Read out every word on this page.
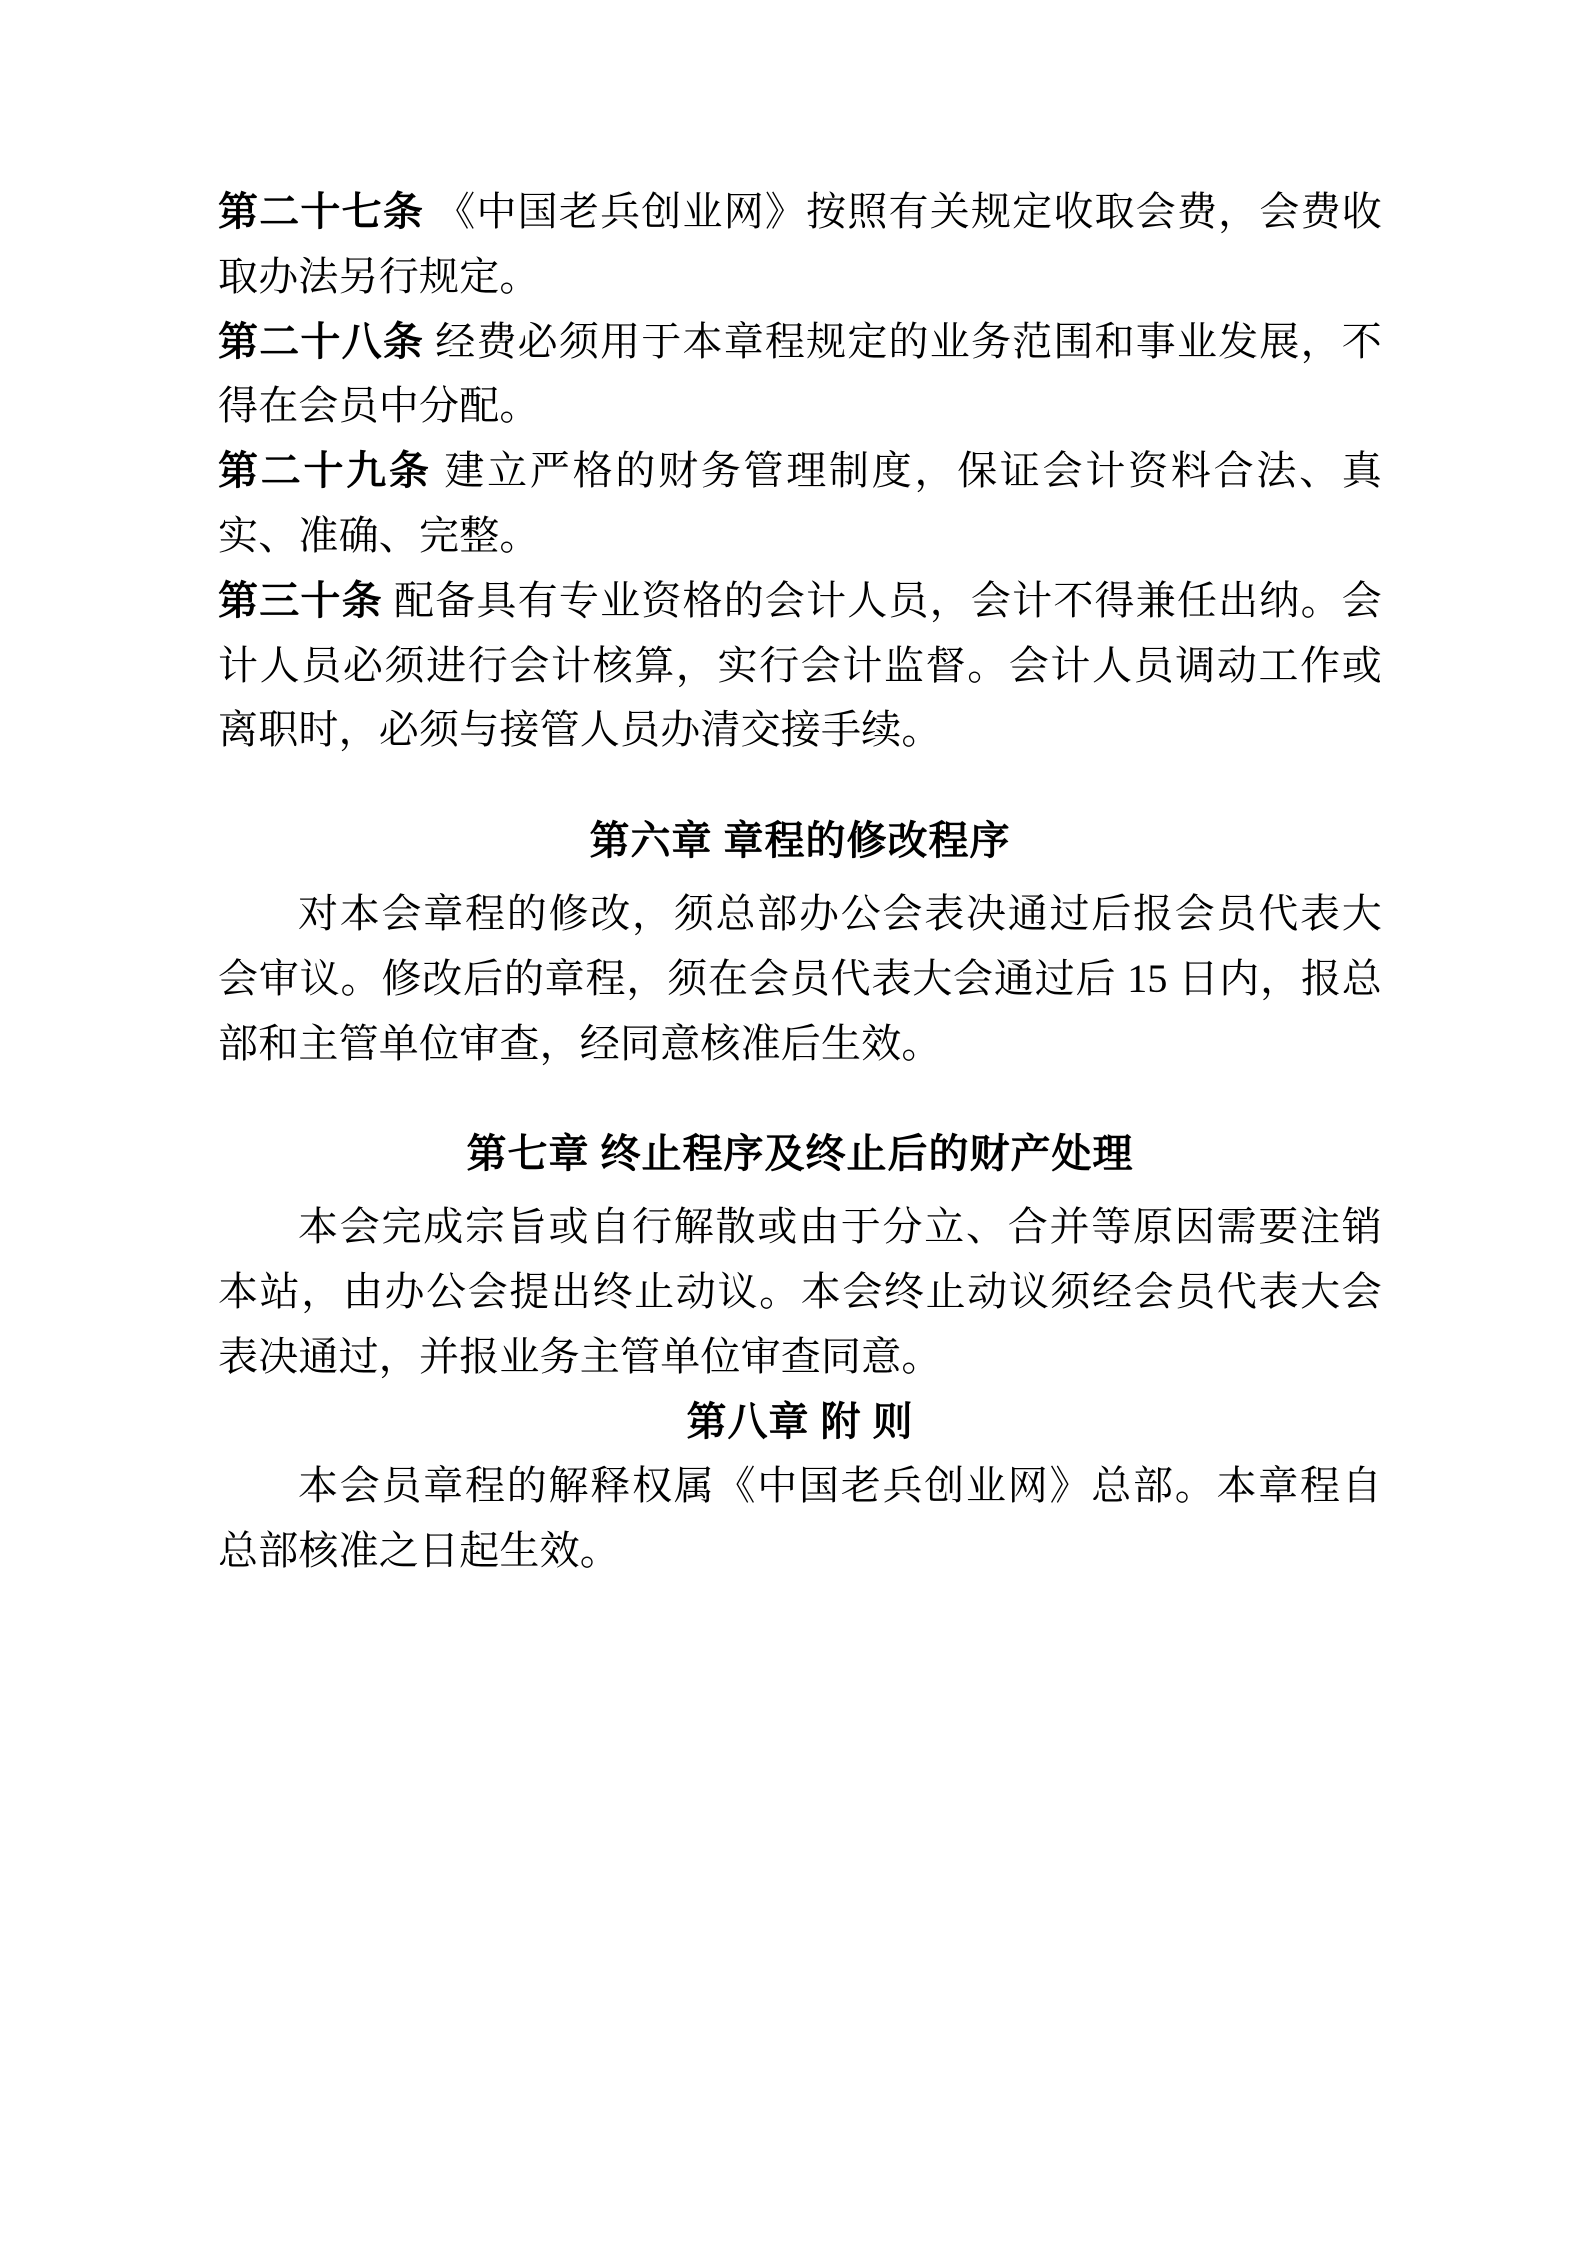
第二十七条 《中国老兵创业网》按照有关规定收取会费，会费收取办法另行规定。

第二十八条 经费必须用于本章程规定的业务范围和事业发展，不得在会员中分配。

第二十九条 建立严格的财务管理制度，保证会计资料合法、真实、准确、完整。

第三十条 配备具有专业资格的会计人员，会计不得兼任出纳。会计人员必须进行会计核算，实行会计监督。会计人员调动工作或离职时，必须与接管人员办清交接手续。

第六章 章程的修改程序

对本会章程的修改，须总部办公会表决通过后报会员代表大会审议。修改后的章程，须在会员代表大会通过后 15 日内，报总部和主管单位审查，经同意核准后生效。

第七章 终止程序及终止后的财产处理

本会完成宗旨或自行解散或由于分立、合并等原因需要注销本站，由办公会提出终止动议。本会终止动议须经会员代表大会表决通过，并报业务主管单位审查同意。

第八章 附 则

本会员章程的解释权属《中国老兵创业网》总部。本章程自总部核准之日起生效。
